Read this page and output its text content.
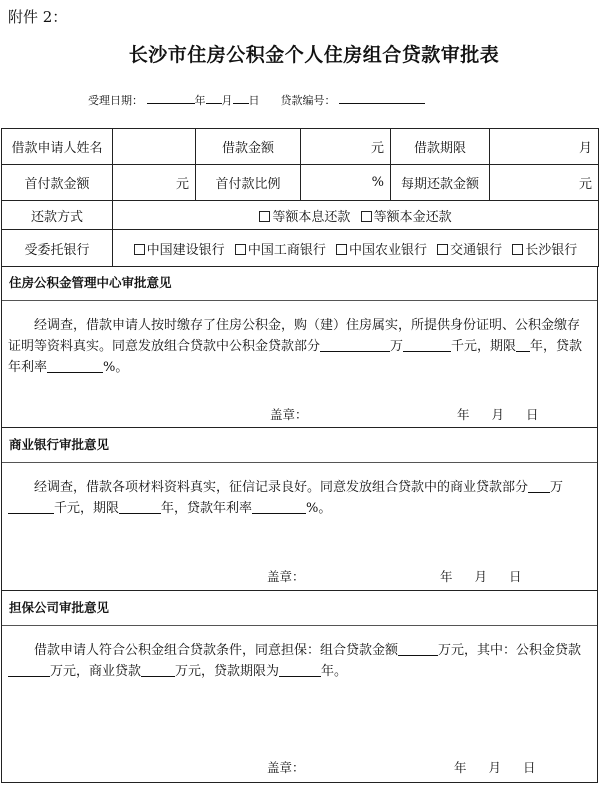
附件 2：
长沙市住房公积金个人住房组合贷款审批表
受理日期：	年 月 日 贷款编号：
借款申请人姓名		借款金额	元	借款期限	月
首付款金额	元	首付款比例	%	每期还款金额	元
还款方式	等额本息还款 等额本金还款				
受委托银行	中国建设银行 中国工商银行 中国农业银行 交通银行 长沙银行				
住房公积金管理中心审批意见
经调查，借款申请人按时缴存了住房公积金，购（建）住房属实，所提供身份证明、公积金缴存证明等资料真实。同意发放组合贷款中公积金贷款部分	万	千元，期限 年，贷款年利率	%。
盖章：	年 月 日
商业银行审批意见
经调查，借款各项材料资料真实，征信记录良好。同意发放组合贷款中的商业贷款部分 万千元，期限	年，贷款年利率	%。
盖章：	年 月 日
担保公司审批意见
借款申请人符合公积金组合贷款条件，同意担保：组合贷款金额	万元，其中：公积金贷款万元，商业贷款	万元，贷款期限为	年。
盖章：	年 月 日
